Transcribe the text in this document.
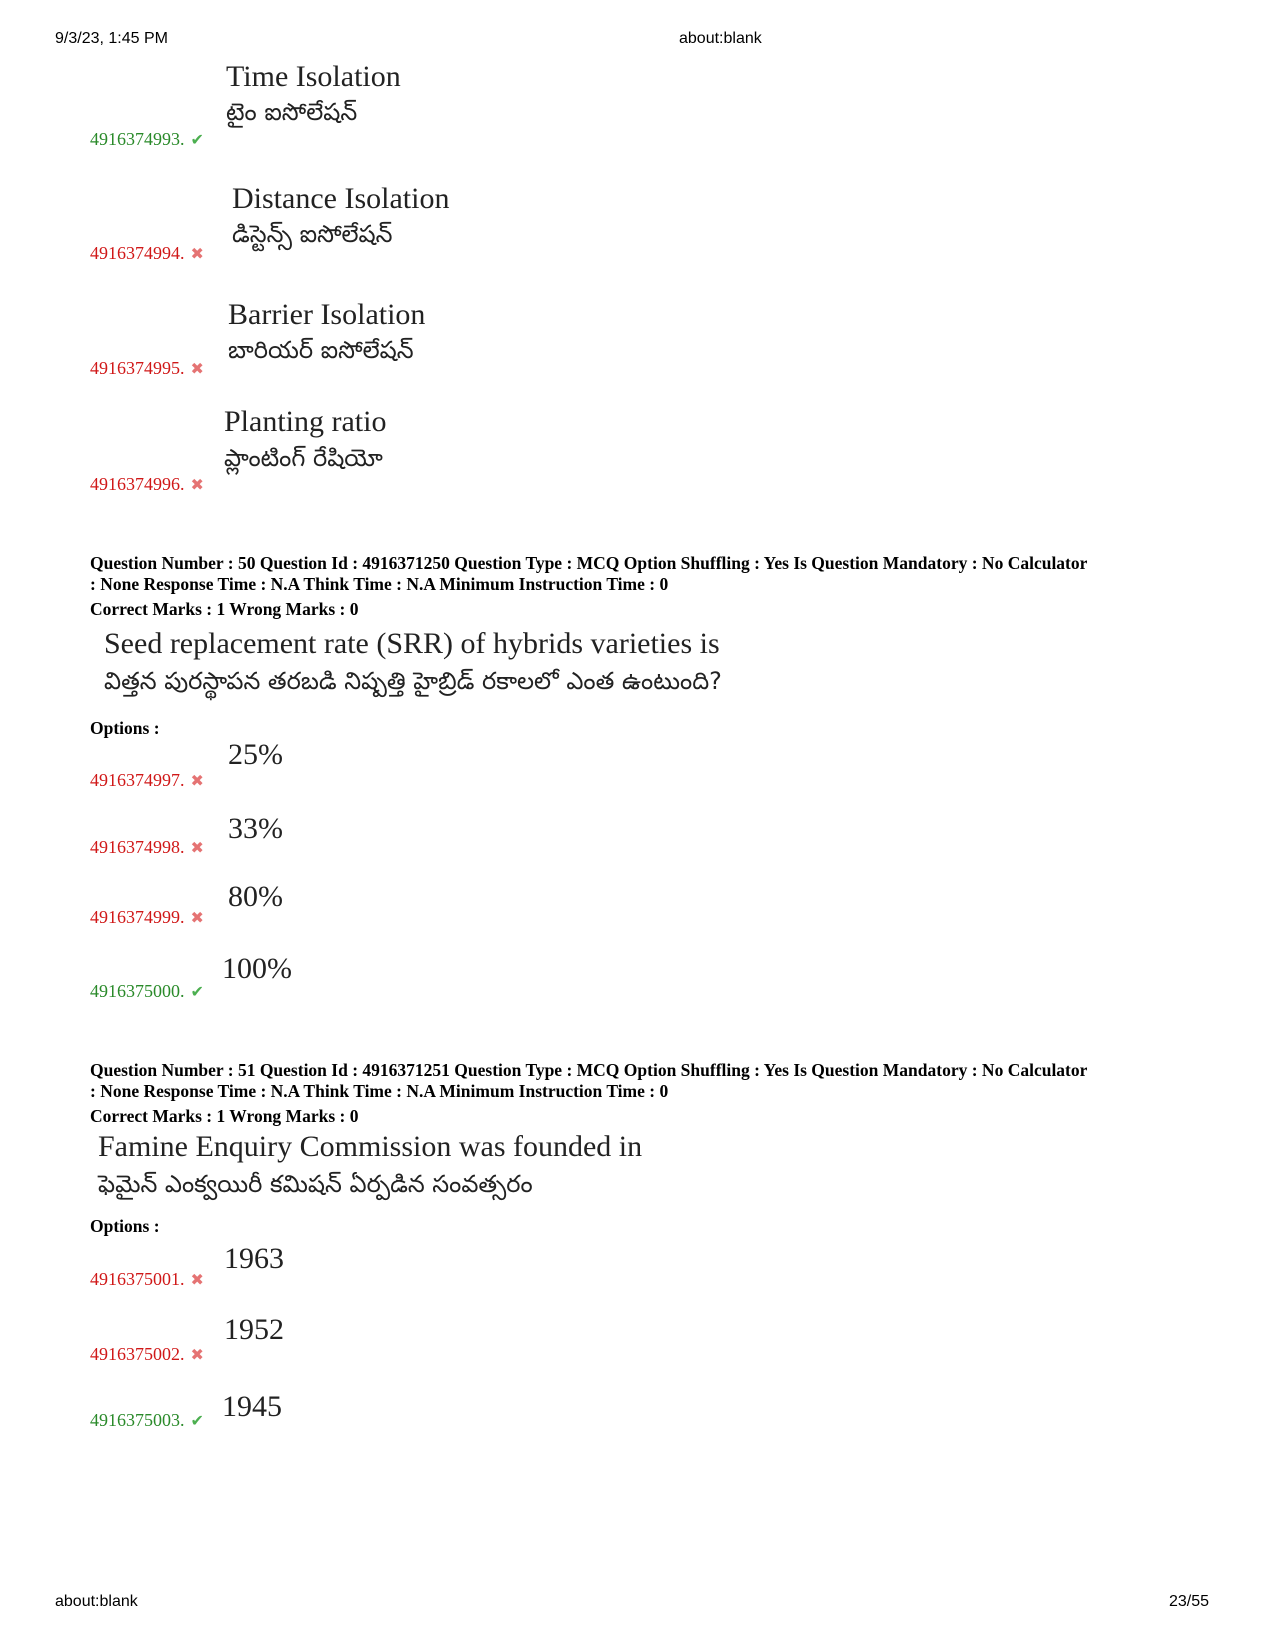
9/3/23, 1:45 PM	about:blank
Time Isolation
టైం ఐసోలేషన్
4916374993. ✔
Distance Isolation
డిస్టెన్స్ ఐసోలేషన్
4916374994. ✖
Barrier Isolation
బారియర్ ఐసోలేషన్
4916374995. ✖
Planting ratio
ప్లాంటింగ్ రేషియో
4916374996. ✖
Question Number : 50 Question Id : 4916371250 Question Type : MCQ Option Shuffling : Yes Is Question Mandatory : No Calculator
: None Response Time : N.A Think Time : N.A Minimum Instruction Time : 0
Correct Marks : 1 Wrong Marks : 0
Seed replacement rate (SRR) of hybrids varieties is
విత్తన పురస్థాపన తరబడి నిష్పత్తి హైబ్రిడ్ రకాలలో ఎంత ఉంటుంది?
Options :
25%
4916374997. ✖
33%
4916374998. ✖
80%
4916374999. ✖
100%
4916375000. ✔
Question Number : 51 Question Id : 4916371251 Question Type : MCQ Option Shuffling : Yes Is Question Mandatory : No Calculator
: None Response Time : N.A Think Time : N.A Minimum Instruction Time : 0
Correct Marks : 1 Wrong Marks : 0
Famine Enquiry Commission was founded in
ఫెమైన్ ఎంక్వయిరీ కమిషన్ ఏర్పడిన సంవత్సరం
Options :
1963
4916375001. ✖
1952
4916375002. ✖
1945
4916375003. ✔
about:blank	23/55
